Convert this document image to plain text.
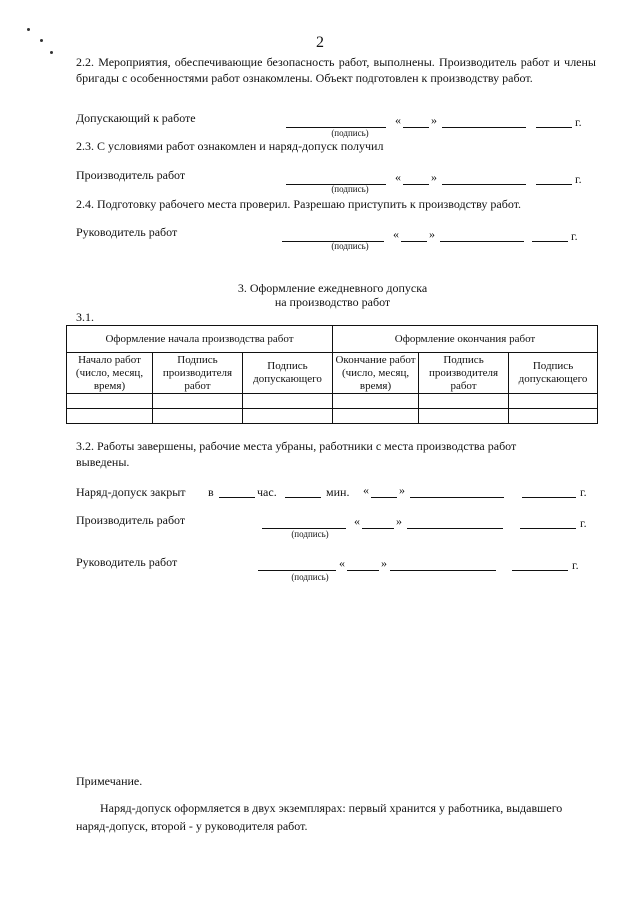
2
2.2. Мероприятия, обеспечивающие безопасность работ, выполнены. Производитель работ и члены бригады с особенностями работ ознакомлены. Объект подготовлен к производству работ.
Допускающий к работе	«	»	г.
(подпись)
2.3. С условиями работ ознакомлен и наряд-допуск получил
Производитель работ	«	»	г.
(подпись)
2.4. Подготовку рабочего места проверил. Разрешаю приступить к производству работ.
Руководитель работ	«	»	г.
(подпись)
3. Оформление ежедневного допуска
на производство работ
3.1.
Оформление начала производства работ			Оформление окончания работ		
Начало работ (число, месяц, время)	Подпись производителя работ	Подпись допускающего	Окончание работ (число, месяц, время)	Подпись производителя работ	Подпись допускающего

3.2. Работы завершены, рабочие места убраны, работники с места производства работ выведены.
Наряд-допуск закрыт в	час.	мин. «	»	г.
Производитель работ	«	»	г.
(подпись)
Руководитель работ	«	»	г.
(подпись)
Примечание.
Наряд-допуск оформляется в двух экземплярах: первый хранится у работника, выдавшего наряд-допуск, второй - у руководителя работ.
